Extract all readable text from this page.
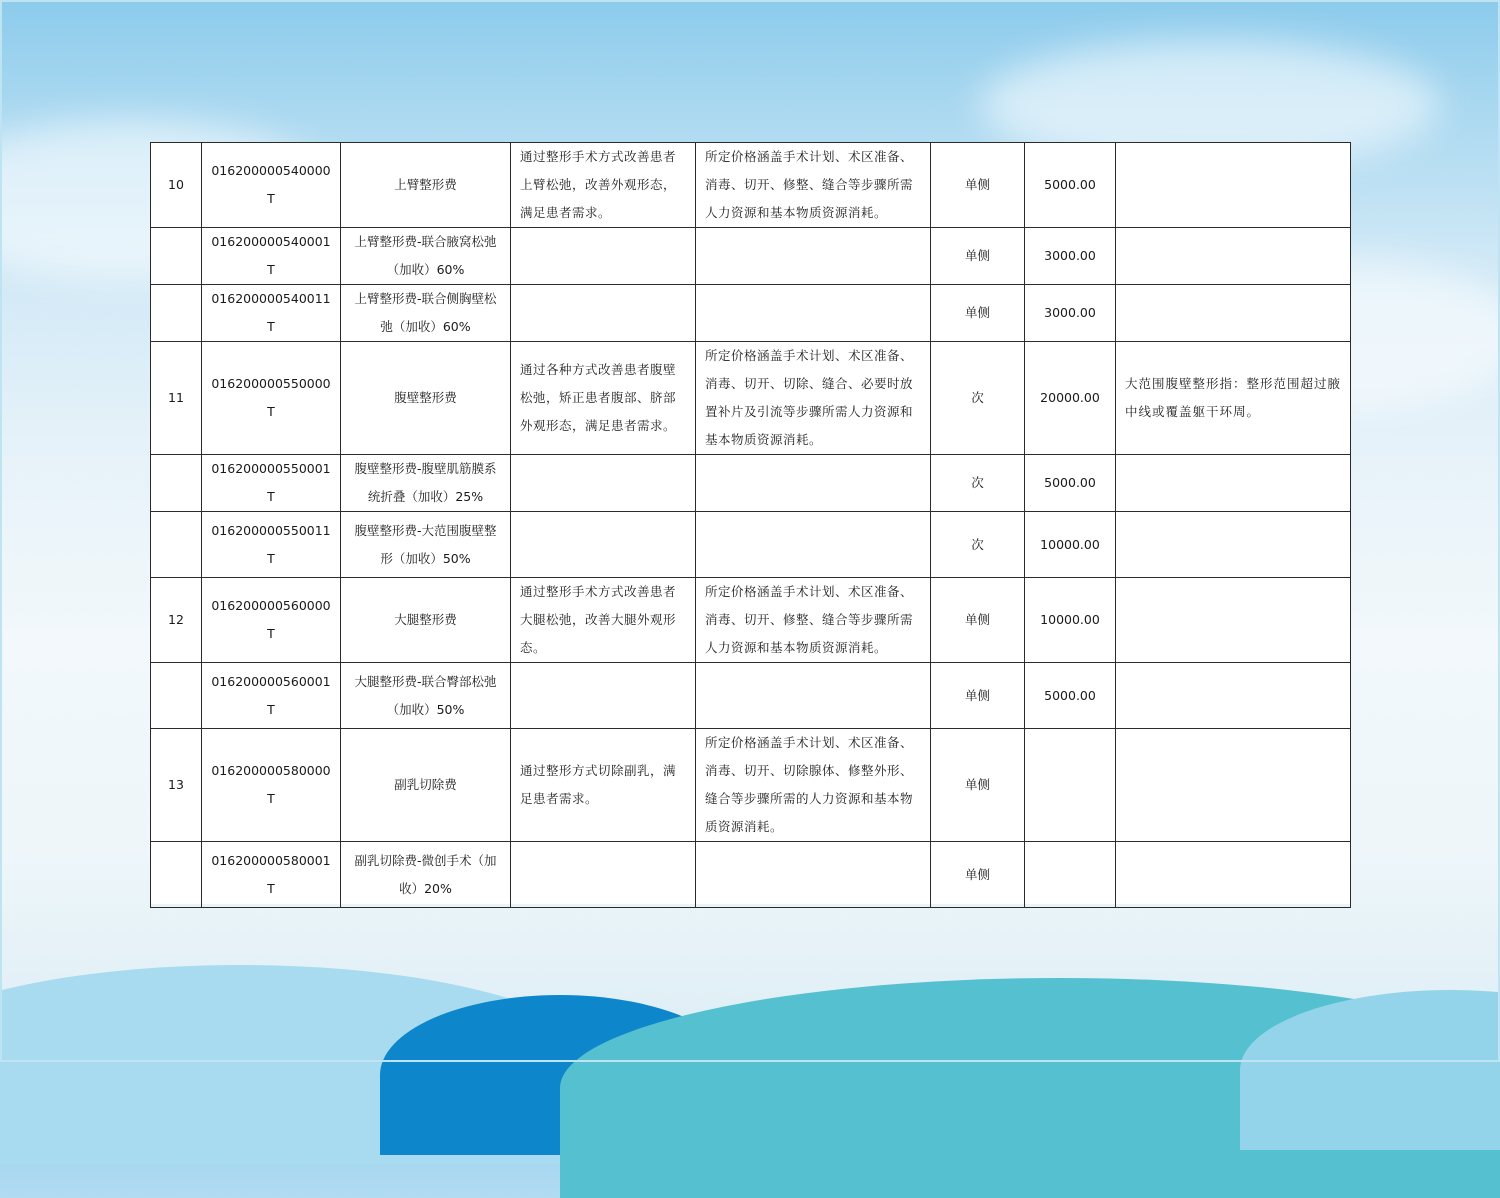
10	016200000540000T	上臂整形费	通过整形手术方式改善患者上臂松弛，改善外观形态，满足患者需求。	所定价格涵盖手术计划、术区准备、消毒、切开、修整、缝合等步骤所需人力资源和基本物质资源消耗。	单侧	5000.00	
	016200000540001T	上臂整形费-联合腋窝松弛（加收）60%			单侧	3000.00	
	016200000540011T	上臂整形费-联合侧胸壁松弛（加收）60%			单侧	3000.00	
11	016200000550000T	腹壁整形费	通过各种方式改善患者腹壁松弛，矫正患者腹部、脐部外观形态，满足患者需求。	所定价格涵盖手术计划、术区准备、消毒、切开、切除、缝合、必要时放置补片及引流等步骤所需人力资源和基本物质资源消耗。	次	20000.00	大范围腹壁整形指：整形范围超过腋中线或覆盖躯干环周。
	016200000550001T	腹壁整形费-腹壁肌筋膜系统折叠（加收）25%			次	5000.00	
	016200000550011T	腹壁整形费-大范围腹壁整形（加收）50%			次	10000.00	
12	016200000560000T	大腿整形费	通过整形手术方式改善患者大腿松弛，改善大腿外观形态。	所定价格涵盖手术计划、术区准备、消毒、切开、修整、缝合等步骤所需人力资源和基本物质资源消耗。	单侧	10000.00	
	016200000560001T	大腿整形费-联合臀部松弛（加收）50%			单侧	5000.00	
13	016200000580000T	副乳切除费	通过整形方式切除副乳，满足患者需求。	所定价格涵盖手术计划、术区准备、消毒、切开、切除腺体、修整外形、缝合等步骤所需的人力资源和基本物质资源消耗。	单侧		
	016200000580001T	副乳切除费-微创手术（加收）20%			单侧		
